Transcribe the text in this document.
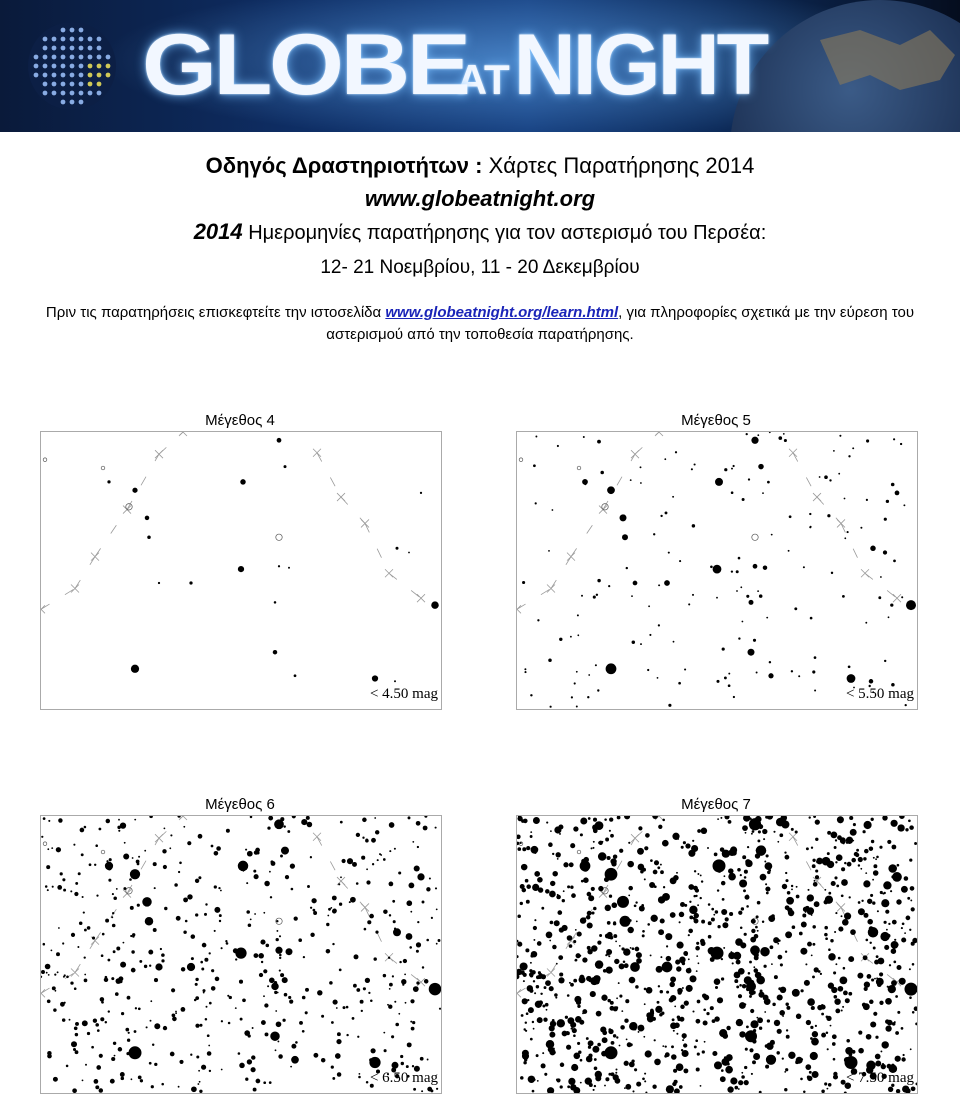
GLOBE
AT NIGHT
Οδηγός Δραστηριοτήτων : Χάρτες Παρατήρησης 2014
www.globeatnight.org
2014 Ημερομηνίες παρατήρησης για τον αστερισμό του Περσέα:
12- 21 Νοεμβρίου, 11 - 20 Δεκεμβρίου
Πριν τις παρατηρήσεις επισκεφτείτε την ιστοσελίδα www.globeatnight.org/learn.html, για πληροφορίες σχετικά με την εύρεση του αστερισμού από την τοποθεσία παρατήρησης.
Μέγεθος 4
< 4.50 mag
Μέγεθος 5
< 5.50 mag
Μέγεθος 6
< 6.50 mag
Μέγεθος 7
< 7.50 mag
